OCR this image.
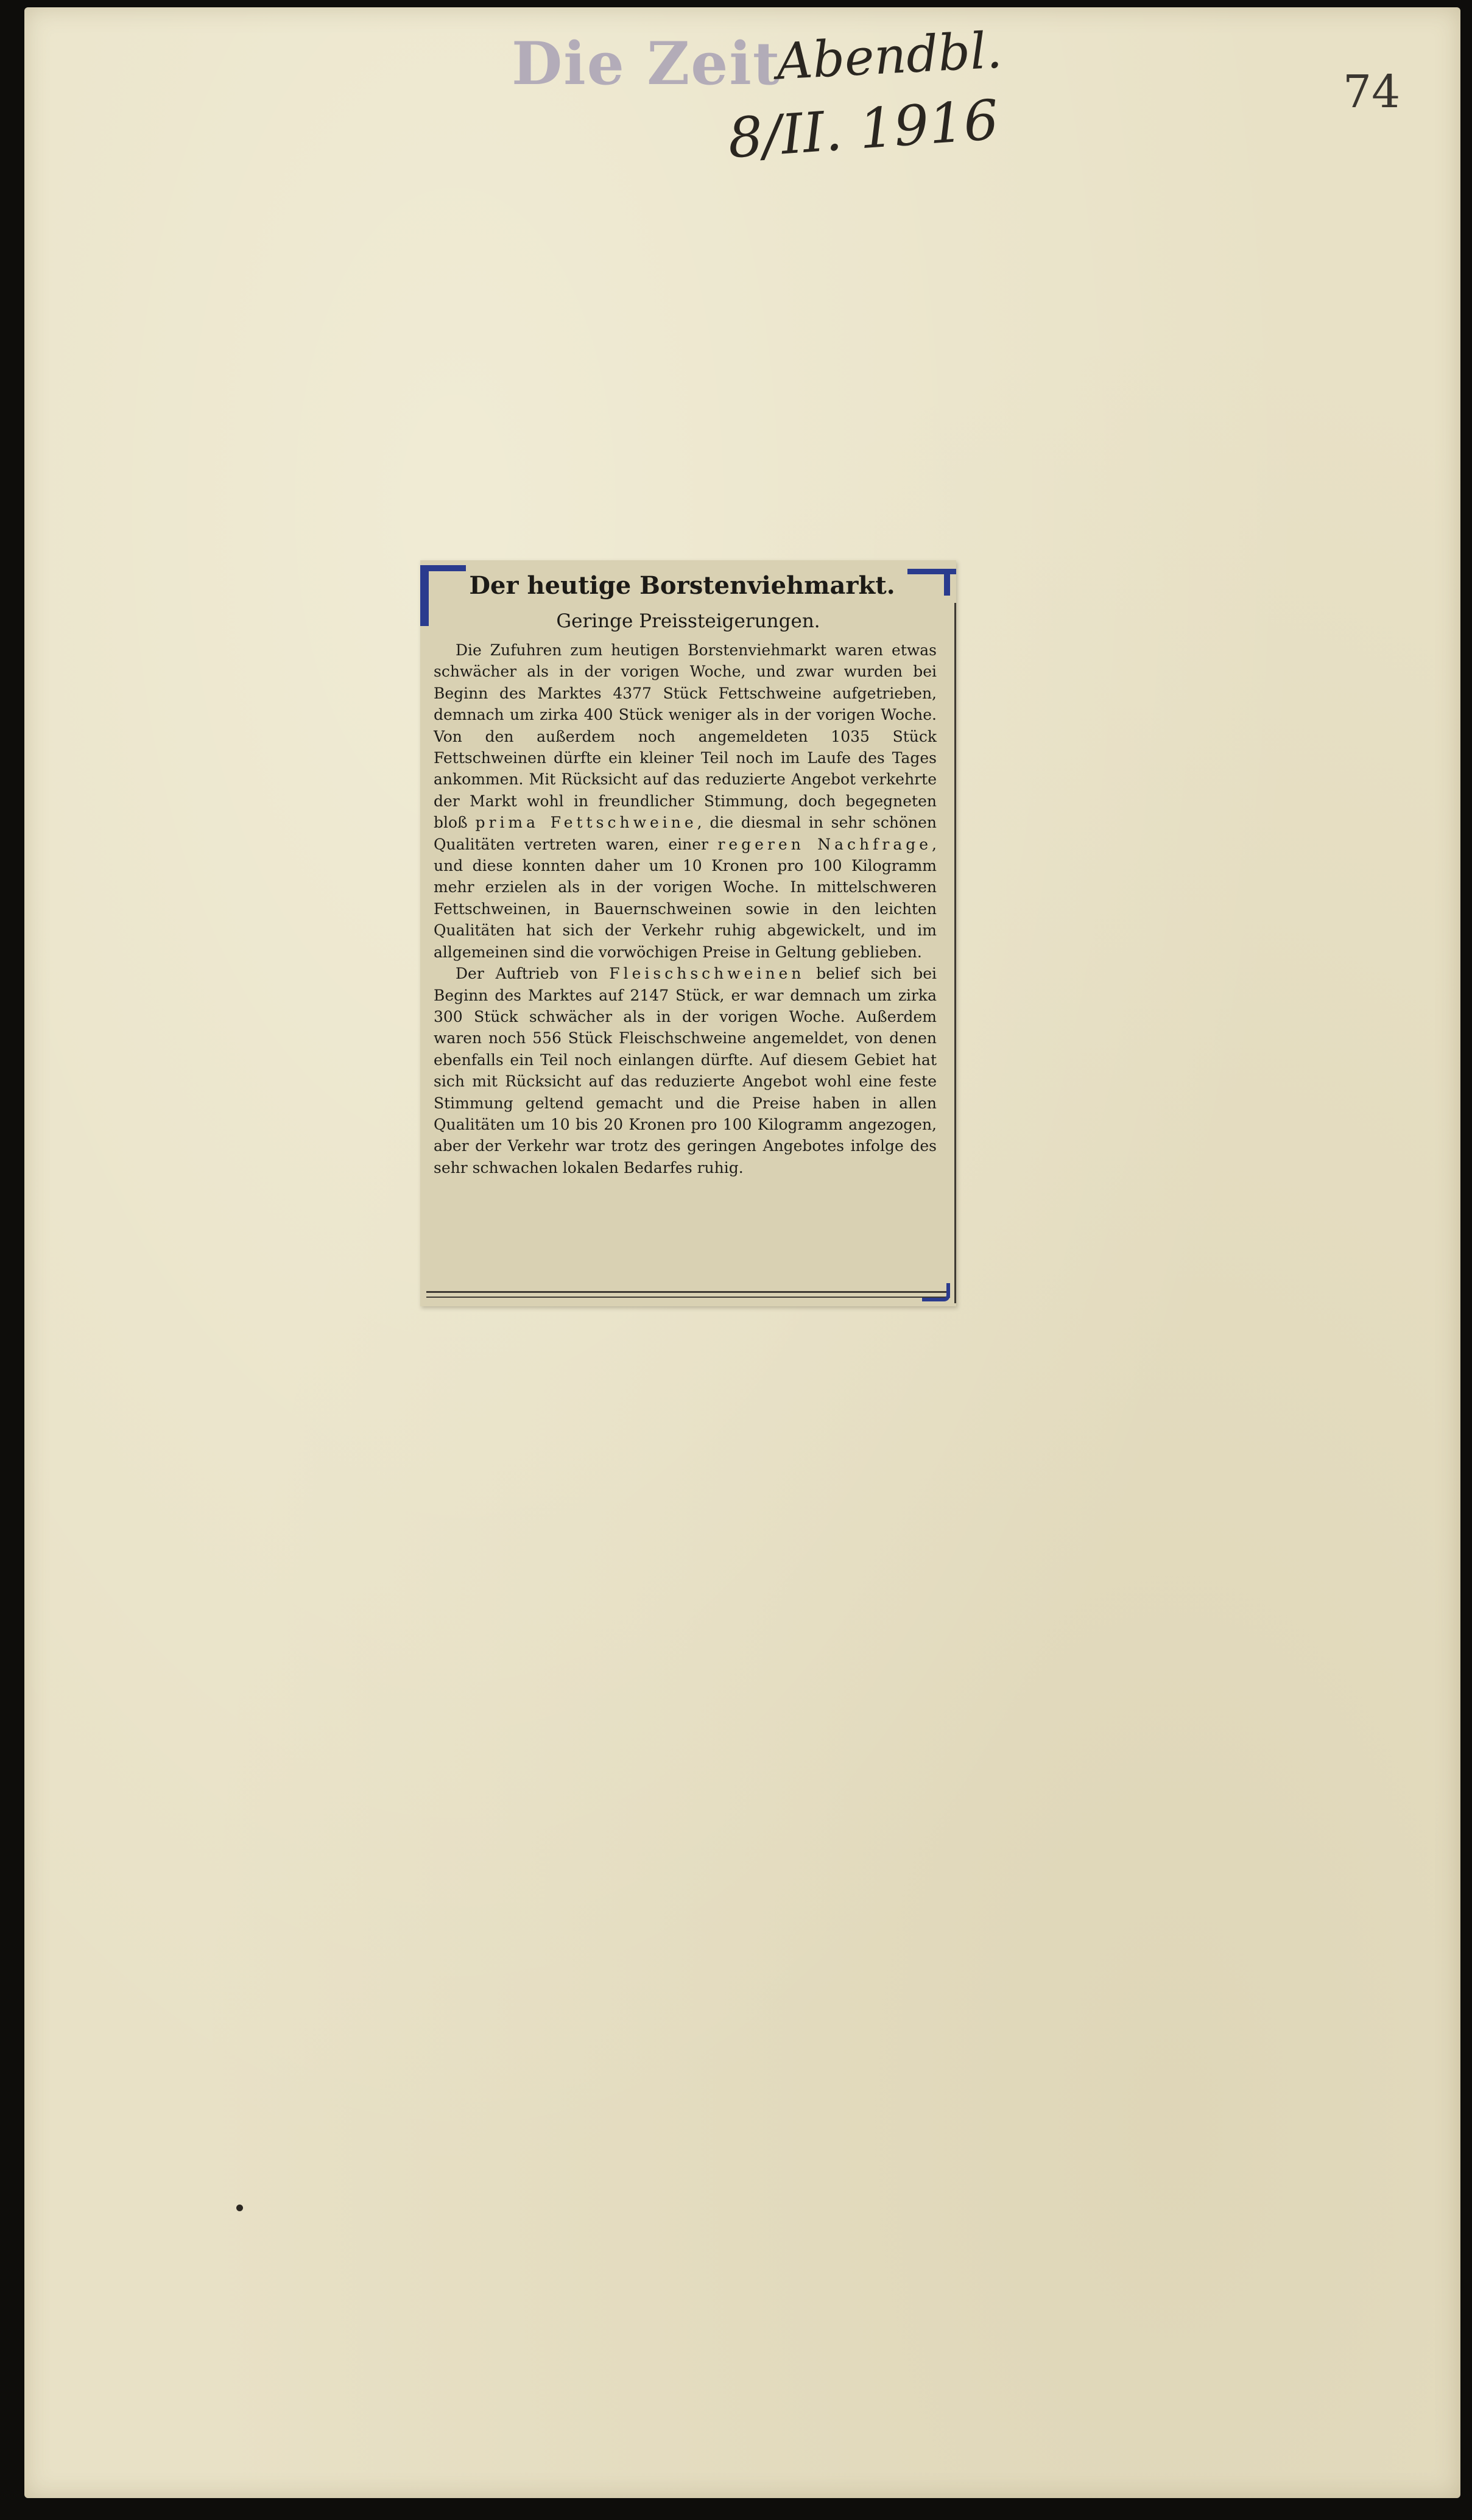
Die Zeit
Abendbl.
8/II. 1916	74
Der heutige Borstenviehmarkt.
Geringe Preissteigerungen.

Die Zufuhren zum heutigen Borstenviehmarkt waren etwas schwächer als in der vorigen Woche, und zwar wurden bei Beginn des Marktes 4377 Stück Fettschweine aufgetrieben, demnach um zirka 400 Stück weniger als in der vorigen Woche. Von den außerdem noch angemeldeten 1035 Stück Fettschweinen dürfte ein kleiner Teil noch im Laufe des Tages ankommen. Mit Rücksicht auf das reduzierte Angebot verkehrte der Markt wohl in freundlicher Stimmung, doch begegneten bloß prima Fettschweine, die diesmal in sehr schönen Qualitäten vertreten waren, einer regeren Nachfrage, und diese konnten daher um 10 Kronen pro 100 Kilogramm mehr erzielen als in der vorigen Woche. In mittelschweren Fettschweinen, in Bauernschweinen sowie in den leichten Qualitäten hat sich der Verkehr ruhig abgewickelt, und im allgemeinen sind die vorwöchigen Preise in Geltung geblieben.

Der Auftrieb von Fleischschweinen belief sich bei Beginn des Marktes auf 2147 Stück, er war demnach um zirka 300 Stück schwächer als in der vorigen Woche. Außerdem waren noch 556 Stück Fleischschweine angemeldet, von denen ebenfalls ein Teil noch einlangen dürfte. Auf diesem Gebiet hat sich mit Rücksicht auf das reduzierte Angebot wohl eine feste Stimmung geltend gemacht und die Preise haben in allen Qualitäten um 10 bis 20 Kronen pro 100 Kilogramm angezogen, aber der Verkehr war trotz des geringen Angebotes infolge des sehr schwachen lokalen Bedarfes ruhig.
